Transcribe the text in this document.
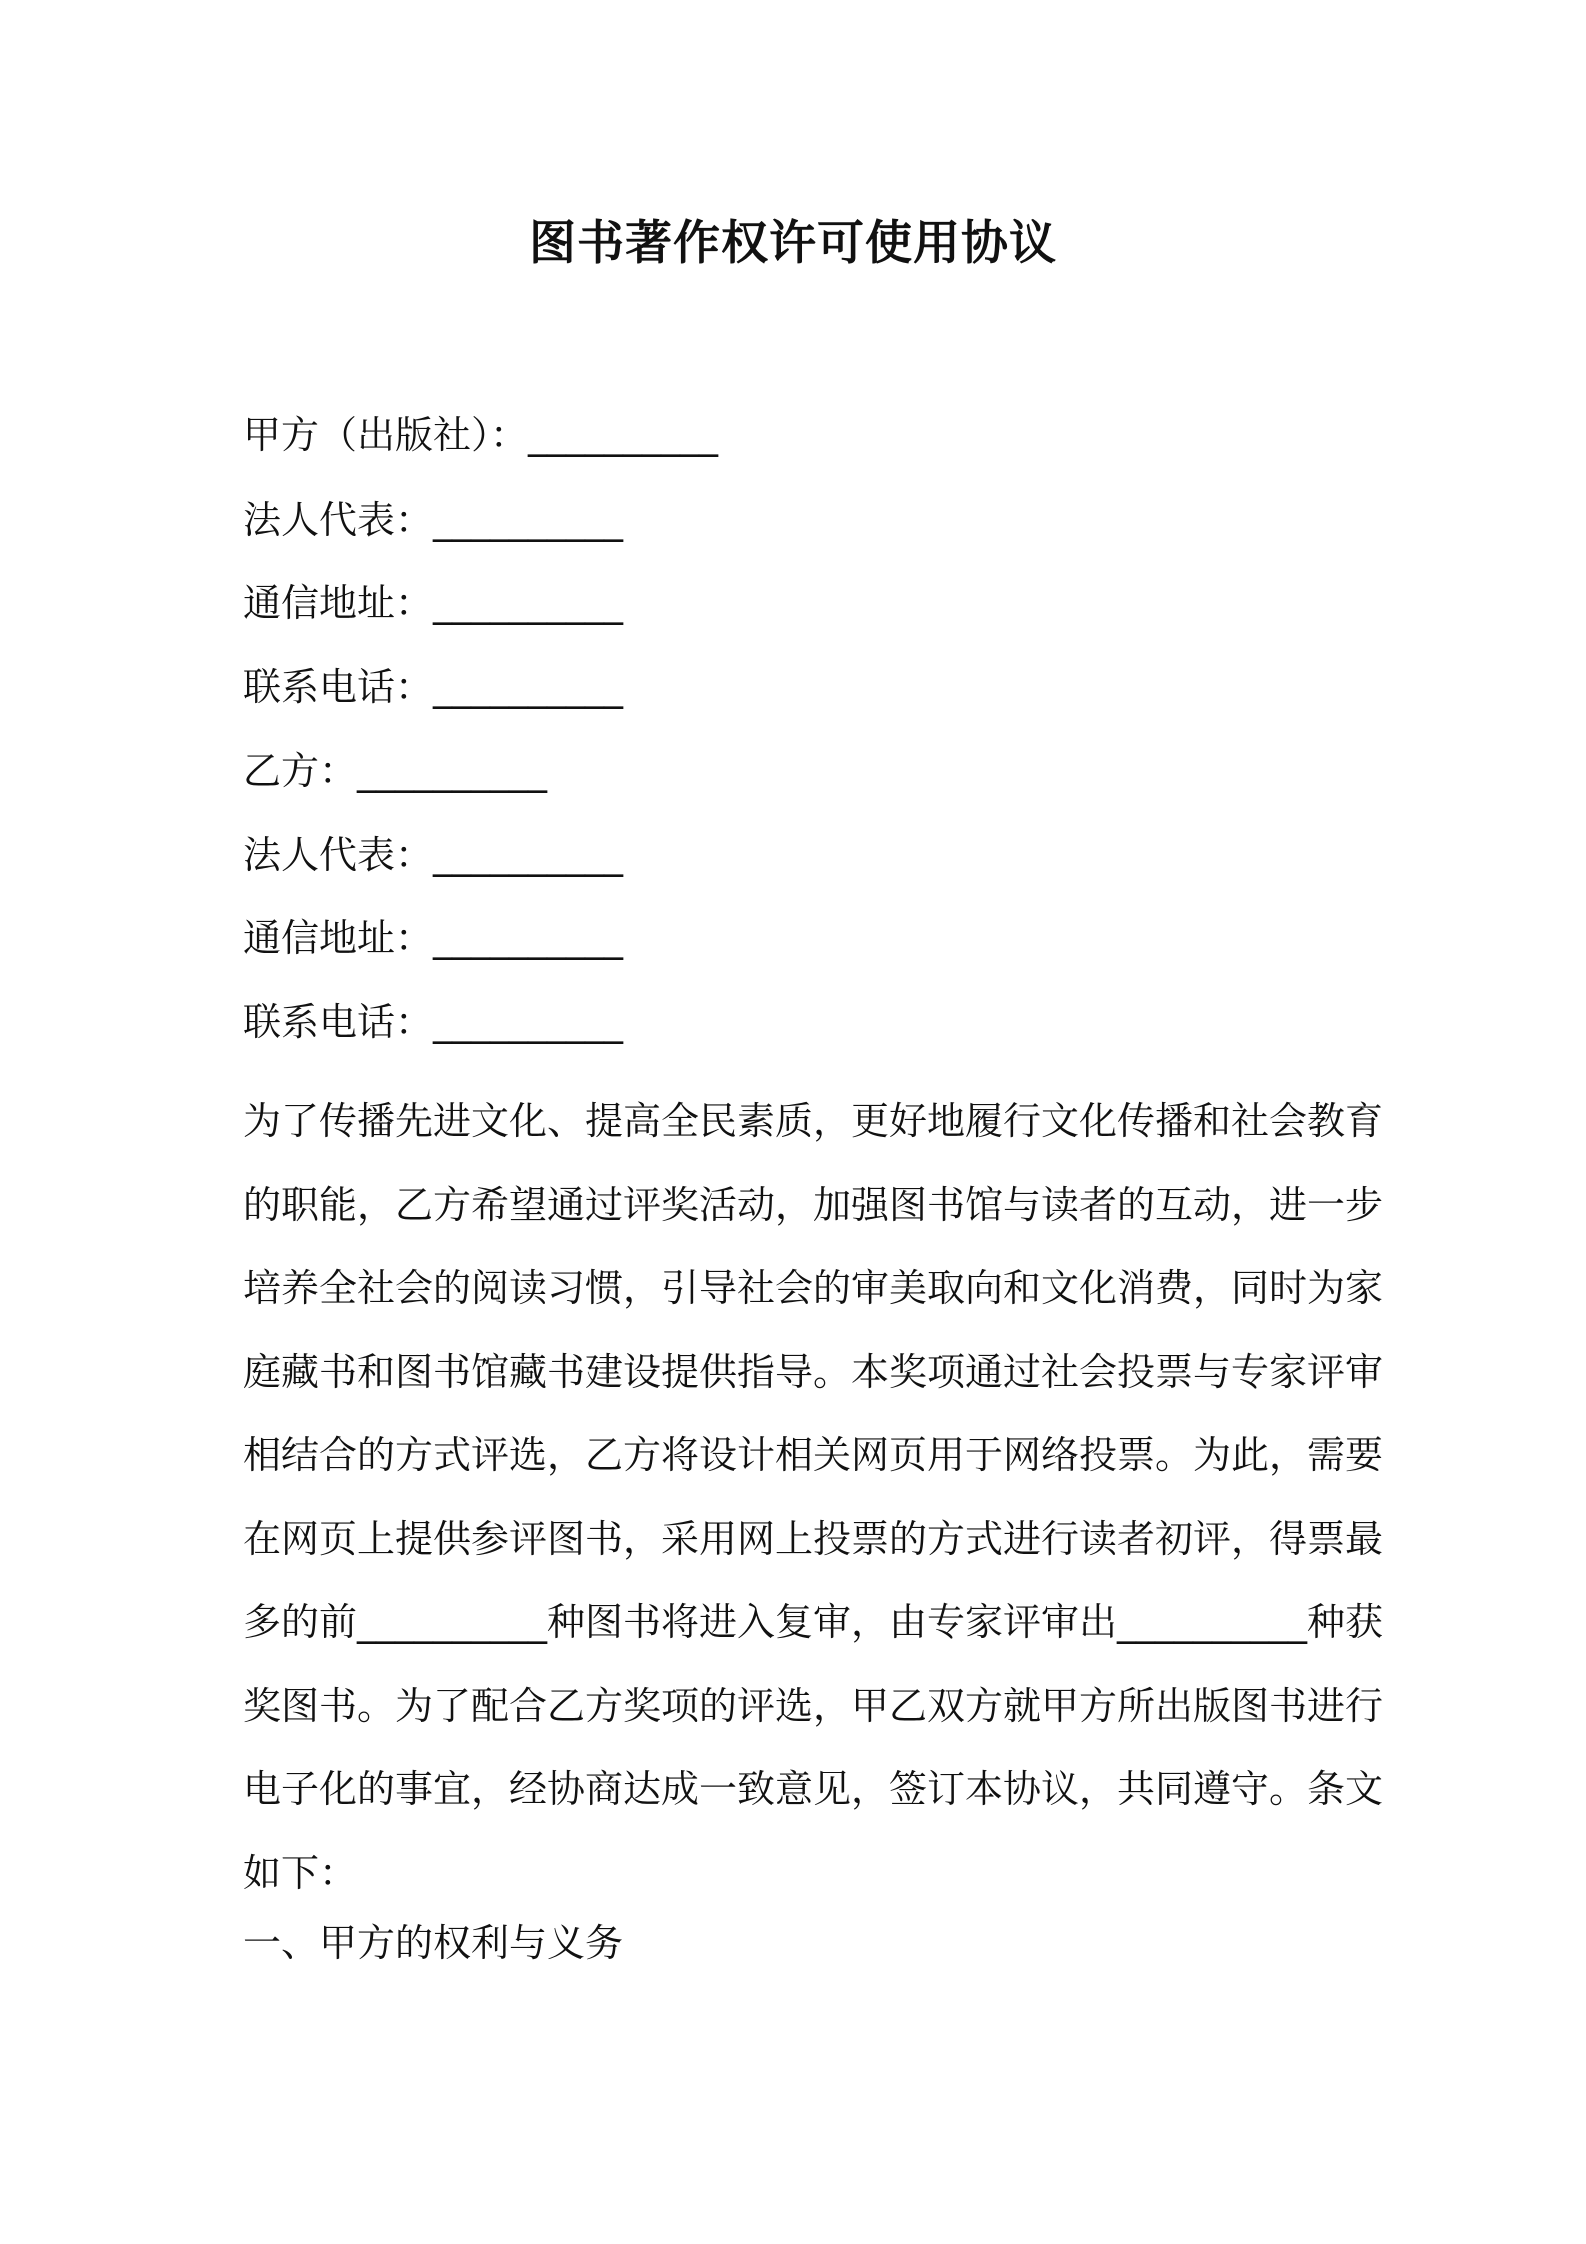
图书著作权许可使用协议
甲方（出版社）：__________
法人代表：__________
通信地址：__________
联系电话：__________
乙方：__________
法人代表：__________
通信地址：__________
联系电话：__________
为了传播先进文化、提高全民素质，更好地履行文化传播和社会教育
的职能，乙方希望通过评奖活动，加强图书馆与读者的互动，进一步
培养全社会的阅读习惯，引导社会的审美取向和文化消费，同时为家
庭藏书和图书馆藏书建设提供指导。本奖项通过社会投票与专家评审
相结合的方式评选，乙方将设计相关网页用于网络投票。为此，需要
在网页上提供参评图书，采用网上投票的方式进行读者初评，得票最
多的前__________种图书将进入复审，由专家评审出__________种获
奖图书。为了配合乙方奖项的评选，甲乙双方就甲方所出版图书进行
电子化的事宜，经协商达成一致意见，签订本协议，共同遵守。条文
如下：
一、甲方的权利与义务
